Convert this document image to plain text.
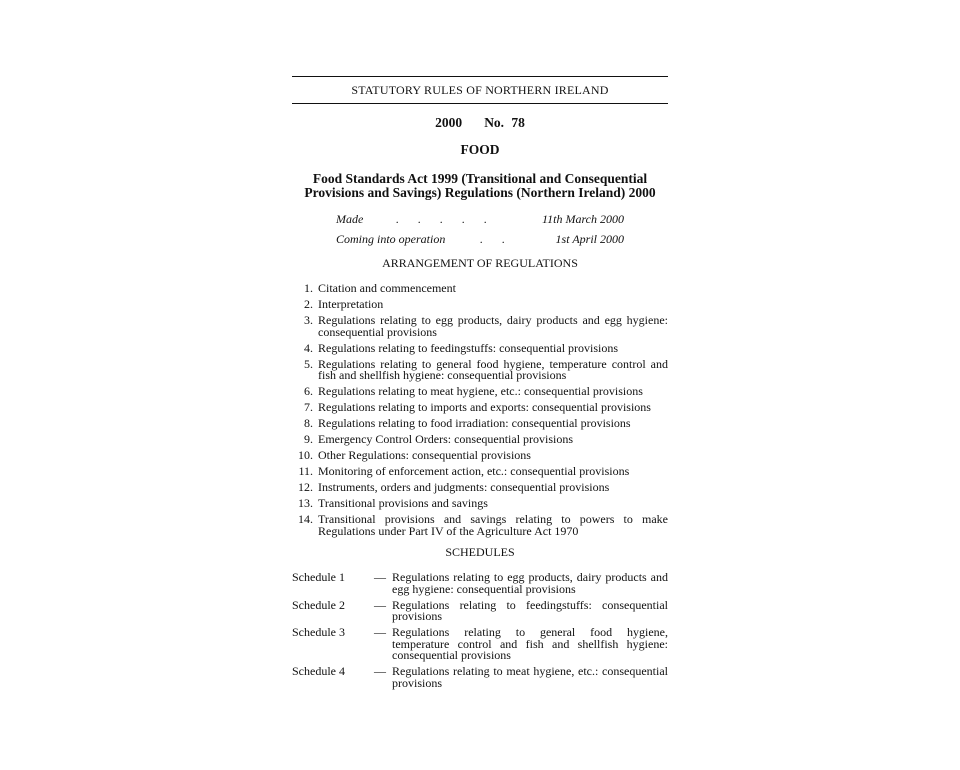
STATUTORY RULES OF NORTHERN IRELAND
2000   No. 78
FOOD
Food Standards Act 1999 (Transitional and Consequential
Provisions and Savings) Regulations (Northern Ireland) 2000
Made	. . . . .	11th March 2000
Coming into operation	. .	1st April 2000
ARRANGEMENT OF REGULATIONS
1. Citation and commencement
2. Interpretation
3. Regulations relating to egg products, dairy products and egg hygiene: consequential provisions
4. Regulations relating to feedingstuffs: consequential provisions
5. Regulations relating to general food hygiene, temperature control and fish and shellfish hygiene: consequential provisions
6. Regulations relating to meat hygiene, etc.: consequential provisions
7. Regulations relating to imports and exports: consequential provisions
8. Regulations relating to food irradiation: consequential provisions
9. Emergency Control Orders: consequential provisions
10. Other Regulations: consequential provisions
11. Monitoring of enforcement action, etc.: consequential provisions
12. Instruments, orders and judgments: consequential provisions
13. Transitional provisions and savings
14. Transitional provisions and savings relating to powers to make Regulations under Part IV of the Agriculture Act 1970
SCHEDULES
Schedule 1	— Regulations relating to egg products, dairy products and egg hygiene: consequential provisions
Schedule 2	— Regulations relating to feedingstuffs: consequential provisions
Schedule 3	— Regulations relating to general food hygiene, temperature control and fish and shellfish hygiene: consequential provisions
Schedule 4	— Regulations relating to meat hygiene, etc.: consequential provisions
